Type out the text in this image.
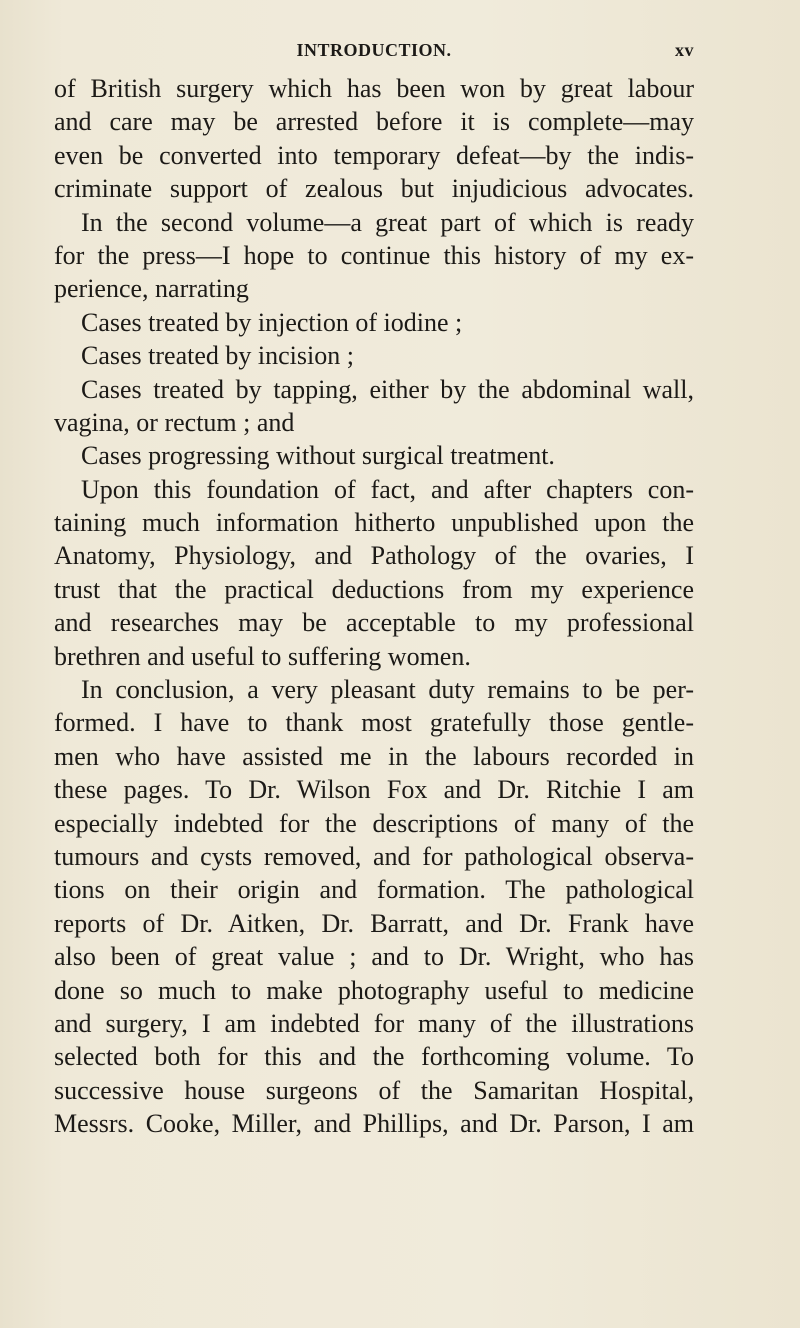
INTRODUCTION.	xv
of British surgery which has been won by great labour
and care may be arrested before it is complete—may
even be converted into temporary defeat—by the indis-
criminate support of zealous but injudicious advocates.
In the second volume—a great part of which is ready
for the press—I hope to continue this history of my ex-
perience, narrating
Cases treated by injection of iodine ;
Cases treated by incision ;
Cases treated by tapping, either by the abdominal wall,
vagina, or rectum ; and
Cases progressing without surgical treatment.
Upon this foundation of fact, and after chapters con-
taining much information hitherto unpublished upon the
Anatomy, Physiology, and Pathology of the ovaries, I
trust that the practical deductions from my experience
and researches may be acceptable to my professional
brethren and useful to suffering women.
In conclusion, a very pleasant duty remains to be per-
formed. I have to thank most gratefully those gentle-
men who have assisted me in the labours recorded in
these pages. To Dr. Wilson Fox and Dr. Ritchie I am
especially indebted for the descriptions of many of the
tumours and cysts removed, and for pathological observa-
tions on their origin and formation. The pathological
reports of Dr. Aitken, Dr. Barratt, and Dr. Frank have
also been of great value ; and to Dr. Wright, who has
done so much to make photography useful to medicine
and surgery, I am indebted for many of the illustrations
selected both for this and the forthcoming volume. To
successive house surgeons of the Samaritan Hospital,
Messrs. Cooke, Miller, and Phillips, and Dr. Parson, I am
